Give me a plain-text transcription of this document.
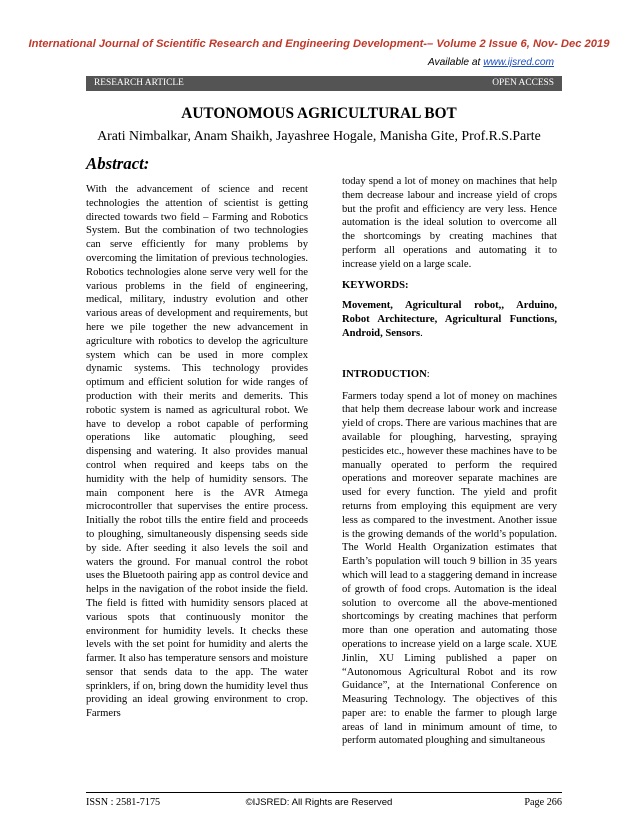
International Journal of Scientific Research and Engineering Development-– Volume 2 Issue 6, Nov- Dec 2019
Available at www.ijsred.com
RESEARCH ARTICLE	OPEN ACCESS
AUTONOMOUS AGRICULTURAL BOT
Arati Nimbalkar, Anam Shaikh, Jayashree Hogale, Manisha Gite, Prof.R.S.Parte
Abstract:

With the advancement of science and recent technologies the attention of scientist is getting directed towards two field – Farming and Robotics System. But the combination of two technologies can serve efficiently for many problems by overcoming the limitation of previous technologies. Robotics technologies alone serve very well for the various problems in the field of engineering, medical, military, industry evolution and other various areas of development and requirements, but here we pile together the new advancement in agriculture with robotics to develop the agriculture system which can be used in more complex dynamic systems. This technology provides optimum and efficient solution for wide ranges of production with their merits and demerits. This robotic system is named as agricultural robot. We have to develop a robot capable of performing operations like automatic ploughing, seed dispensing and watering. It also provides manual control when required and keeps tabs on the humidity with the help of humidity sensors. The main component here is the AVR Atmega microcontroller that supervises the entire process. Initially the robot tills the entire field and proceeds to ploughing, simultaneously dispensing seeds side by side. After seeding it also levels the soil and waters the ground. For manual control the robot uses the Bluetooth pairing app as control device and helps in the navigation of the robot inside the field. The field is fitted with humidity sensors placed at various spots that continuously monitor the environment for humidity levels. It checks these levels with the set point for humidity and alerts the farmer. It also has temperature sensors and moisture sensor that sends data to the app. The water sprinklers, if on, bring down the humidity level thus providing an ideal growing environment to crop. Farmers

today spend a lot of money on machines that help them decrease labour and increase yield of crops but the profit and efficiency are very less. Hence automation is the ideal solution to overcome all the shortcomings by creating machines that perform all operations and automating it to increase yield on a large scale.

KEYWORDS:

Movement, Agricultural robot,, Arduino, Robot Architecture, Agricultural Functions, Android, Sensors.

INTRODUCTION:

Farmers today spend a lot of money on machines that help them decrease labour work and increase yield of crops. There are various machines that are available for ploughing, harvesting, spraying pesticides etc., however these machines have to be manually operated to perform the required operations and moreover separate machines are used for every function. The yield and profit returns from employing this equipment are very less as compared to the investment. Another issue is the growing demands of the world’s population. The World Health Organization estimates that Earth’s population will touch 9 billion in 35 years which will lead to a staggering demand in increase of growth of food crops. Automation is the ideal solution to overcome all the above-mentioned shortcomings by creating machines that perform more than one operation and automating those operations to increase yield on a large scale. XUE Jinlin, XU Liming published a paper on “Autonomous Agricultural Robot and its row Guidance”, at the International Conference on Measuring Technology. The objectives of this paper are: to enable the farmer to plough large areas of land in minimum amount of time, to perform automated ploughing and simultaneous

ISSN : 2581-7175	©IJSRED: All Rights are Reserved	Page 266
